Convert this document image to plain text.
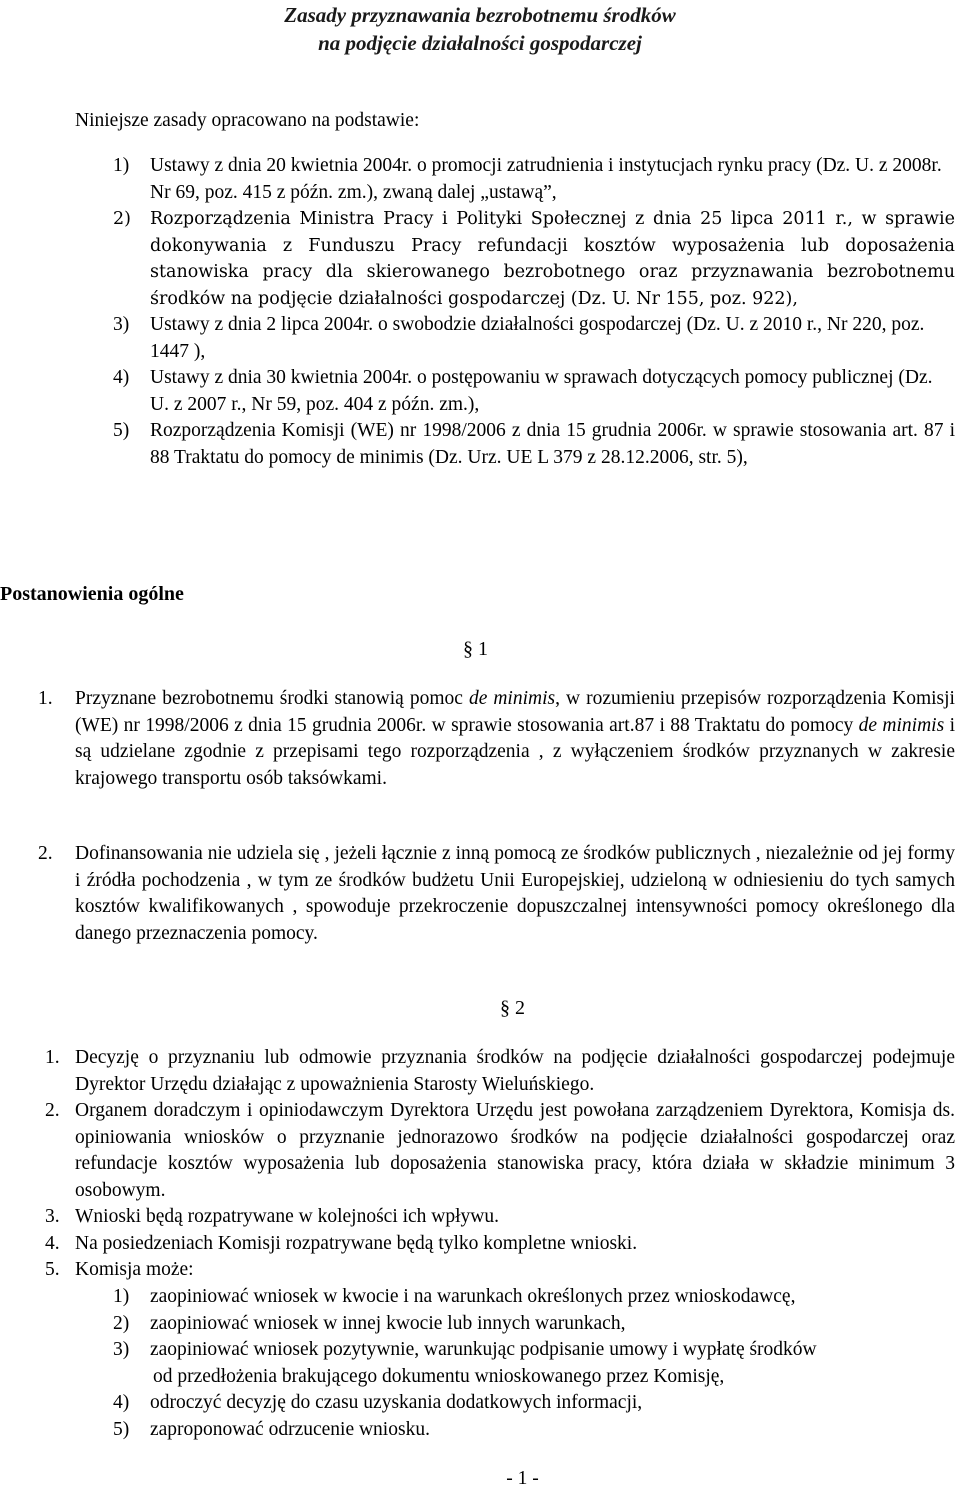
Zasady przyznawania bezrobotnemu środków
na podjęcie działalności gospodarczej
Niniejsze zasady opracowano na podstawie:
1) Ustawy z dnia 20 kwietnia 2004r. o promocji zatrudnienia i instytucjach rynku pracy (Dz. U. z 2008r. Nr 69, poz. 415 z późn. zm.), zwaną dalej „ustawą”,
2) Rozporządzenia Ministra Pracy i Polityki Społecznej z dnia 25 lipca 2011 r., w sprawie dokonywania z Funduszu Pracy refundacji kosztów wyposażenia lub doposażenia stanowiska pracy dla skierowanego bezrobotnego oraz przyznawania bezrobotnemu środków na podjęcie działalności gospodarczej (Dz. U. Nr 155, poz. 922),
3) Ustawy z dnia 2 lipca 2004r. o swobodzie działalności gospodarczej (Dz. U. z 2010 r., Nr 220, poz. 1447 ),
4) Ustawy z dnia 30 kwietnia 2004r. o postępowaniu w sprawach dotyczących pomocy publicznej (Dz. U. z 2007 r., Nr 59, poz. 404 z późn. zm.),
5) Rozporządzenia Komisji (WE) nr 1998/2006 z dnia 15 grudnia 2006r. w sprawie stosowania art. 87 i 88 Traktatu do pomocy de minimis (Dz. Urz. UE L 379 z 28.12.2006, str. 5),
Postanowienia ogólne
§ 1
1. Przyznane bezrobotnemu środki stanowią pomoc de minimis, w rozumieniu przepisów rozporządzenia Komisji (WE) nr 1998/2006 z dnia 15 grudnia 2006r. w sprawie stosowania art.87 i 88 Traktatu do pomocy de minimis i są udzielane zgodnie z przepisami tego rozporządzenia , z wyłączeniem środków przyznanych w zakresie krajowego transportu osób taksówkami.
2. Dofinansowania nie udziela się , jeżeli łącznie z inną pomocą ze środków publicznych , niezależnie od jej formy i źródła pochodzenia , w tym ze środków budżetu Unii Europejskiej, udzieloną w odniesieniu do tych samych kosztów kwalifikowanych , spowoduje przekroczenie dopuszczalnej intensywności pomocy określonego dla danego przeznaczenia pomocy.
§ 2
1. Decyzję o przyznaniu lub odmowie przyznania środków na podjęcie działalności gospodarczej podejmuje Dyrektor Urzędu działając z upoważnienia Starosty Wieluńskiego.
2. Organem doradczym i opiniodawczym Dyrektora Urzędu jest powołana zarządzeniem Dyrektora, Komisja ds. opiniowania wniosków o przyznanie jednorazowo środków na podjęcie działalności gospodarczej oraz refundacje kosztów wyposażenia lub doposażenia stanowiska pracy, która działa w składzie minimum 3 osobowym.
3. Wnioski będą rozpatrywane w kolejności ich wpływu.
4. Na posiedzeniach Komisji rozpatrywane będą tylko kompletne wnioski.
5. Komisja może:
1) zaopiniować wniosek w kwocie i na warunkach określonych przez wnioskodawcę,
2) zaopiniować wniosek w innej kwocie lub innych warunkach,
3) zaopiniować wniosek pozytywnie, warunkując podpisanie umowy i wypłatę środków
od przedłożenia brakującego dokumentu wnioskowanego przez Komisję,
4) odroczyć decyzję do czasu uzyskania dodatkowych informacji,
5) zaproponować odrzucenie wniosku.
- 1 -
